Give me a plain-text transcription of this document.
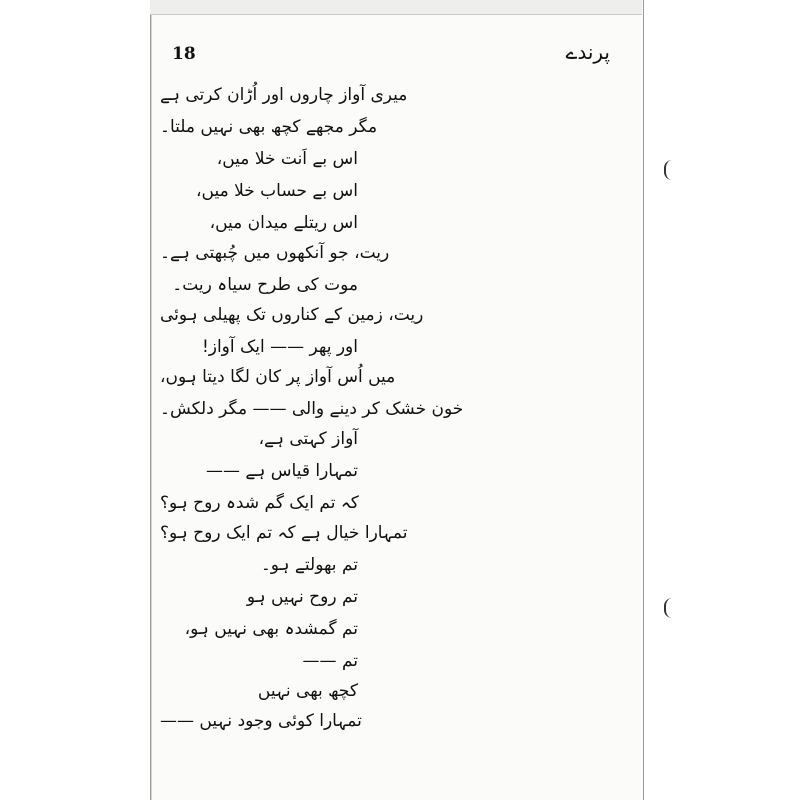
18	پرندے
میری آواز چاروں اور اُڑان کرتی ہے
مگر مجھے کچھ بھی نہیں ملتا۔
اس بے اَنت خلا میں،
اس بے حساب خلا میں،
اس ریتلے میدان میں،
ریت، جو آنکھوں میں چُبھتی ہے۔
موت کی طرح سیاہ ریت۔
ریت، زمین کے کناروں تک پھیلی ہوئی
اور پھر —— ایک آواز!
میں اُس آواز پر کان لگا دیتا ہوں،
خون خشک کر دینے والی —— مگر دلکش۔
آواز کہتی ہے،
تمہارا قیاس ہے ——
کہ تم ایک گم شدہ روح ہو؟
تمہارا خیال ہے کہ تم ایک روح ہو؟
تم بھولتے ہو۔
تم روح نہیں ہو
تم گمشدہ بھی نہیں ہو،
تم ——
کچھ بھی نہیں
تمہارا کوئی وجود نہیں ——
